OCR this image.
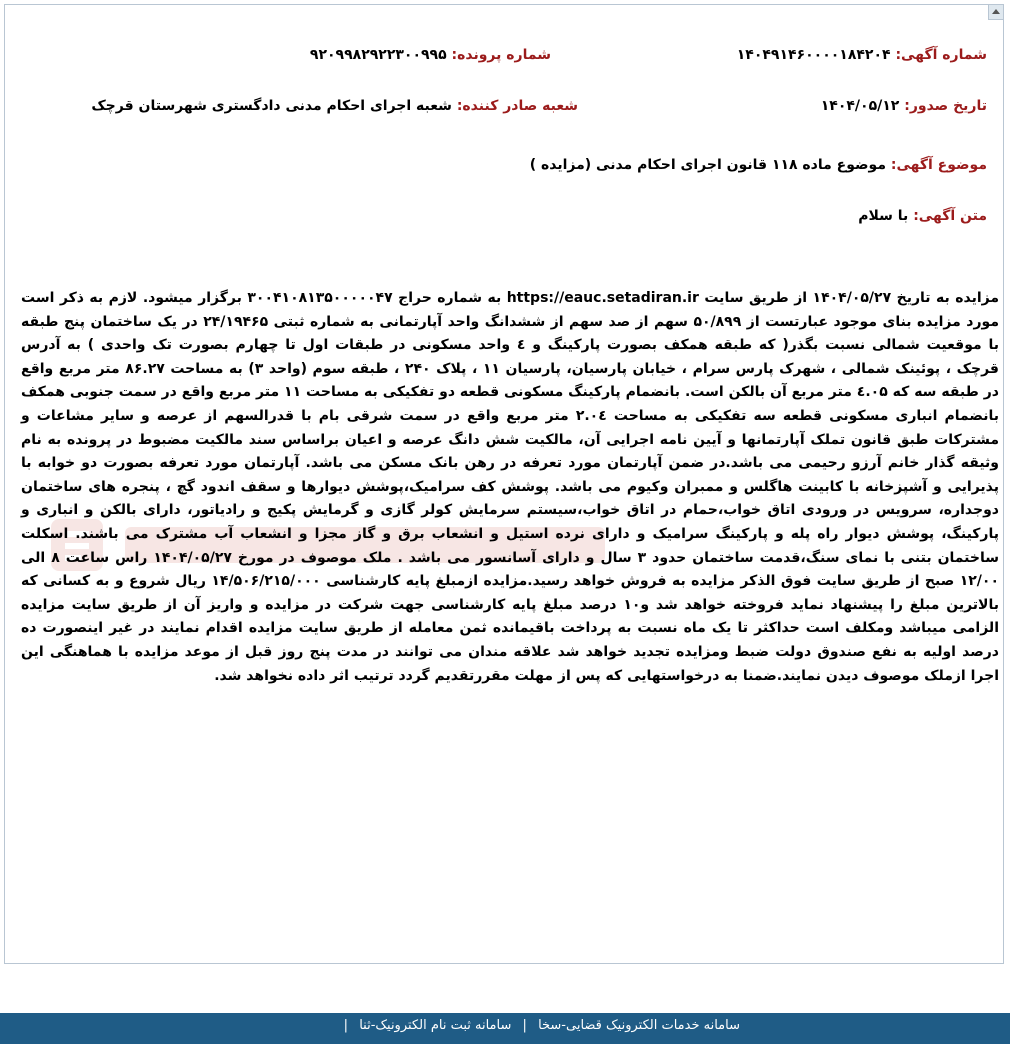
شماره آگهی: ۱۴۰۴۹۱۴۶۰۰۰۰۱۸۴۲۰۴
شماره پرونده: ۹۲۰۹۹۸۲۹۲۲۳۰۰۹۹۵
تاریخ صدور: ۱۴۰۴/۰۵/۱۲
شعبه صادر کننده: شعبه اجرای احکام مدنی دادگستری شهرستان قرچک
موضوع آگهی: موضوع ماده ۱۱۸ قانون اجرای احکام مدنی (مزایده )
متن آگهی: با سلام
مزایده به تاریخ ۱۴۰۴/۰۵/۲۷ از طریق سایت https://eauc.setadiran.ir به شماره حراج ۳۰۰۴۱۰۸۱۳۵۰۰۰۰۰۴۷ برگزار میشود. لازم به ذکر است مورد مزایده بنای موجود عبارتست از ۵۰/۸۹۹ سهم از صد سهم از ششدانگ واحد آپارتمانی به شماره ثبتی ۲۴/۱۹۴۶۵ در یک ساختمان پنج طبقه با موقعیت شمالی نسبت بگذر( که طبقه همکف بصورت پارکینگ و ٤ واحد مسکونی در طبقات اول تا چهارم بصورت تک واحدی ) به آدرس قرچک ، پوئینک شمالی ، شهرک پارس سرام ، خیابان پارسیان، پارسیان ۱۱ ، پلاک ۲۴۰ ، طبقه سوم (واحد ۳) به مساحت ۸۶.۲۷ متر مربع واقع در طبقه سه که ٤.۰۵ متر مربع آن بالکن است. بانضمام پارکینگ مسکونی قطعه دو تفکیکی به مساحت ۱۱ متر مربع واقع در سمت جنوبی همکف بانضمام انباری مسکونی قطعه سه تفکیکی به مساحت ۲.۰٤ متر مربع واقع در سمت شرقی بام با قدرالسهم از عرصه و سایر مشاعات و مشترکات طبق قانون تملک آپارتمانها و آیین نامه اجرایی آن، مالکیت شش دانگ عرصه و اعیان براساس سند مالکیت مضبوط در پرونده به نام وثیقه گذار خانم آرزو رحیمی می باشد.در ضمن آپارتمان مورد تعرفه در رهن بانک مسکن می باشد. آپارتمان مورد تعرفه بصورت دو خوابه با پذیرایی و آشپزخانه با کابینت هاگلس و ممبران وکیوم می باشد. پوشش کف سرامیک،پوشش دیوارها و سقف اندود گچ ، پنجره های ساختمان دوجداره، سرویس در ورودی اتاق خواب،حمام در اتاق خواب،سیستم سرمایش کولر گازی و گرمایش پکیج و رادیاتور، دارای بالکن و انباری و پارکینگ، پوشش دیوار راه پله و پارکینگ سرامیک و دارای نرده استیل و انشعاب برق و گاز مجزا و انشعاب آب مشترک می باشند. اسکلت ساختمان بتنی با نمای سنگ،قدمت ساختمان حدود ۳ سال و دارای آسانسور می باشد . ملک موصوف در مورخ ۱۴۰۴/۰۵/۲۷ راس ساعت ۸ الی ۱۲/۰۰ صبح از طریق سایت فوق الذکر مزایده به فروش خواهد رسید.مزایده ازمبلغ پایه کارشناسی ۱۴/۵۰۶/۲۱۵/۰۰۰ ریال شروع و به کسانی که بالاترین مبلغ را پیشنهاد نماید فروخته خواهد شد و۱۰ درصد مبلغ پایه کارشناسی جهت شرکت در مزایده و واریز آن از طریق سایت مزایده الزامی میباشد ومکلف است حداکثر تا یک ماه نسبت به پرداخت باقیمانده ثمن معامله از طریق سایت مزایده اقدام نمایند در غیر اینصورت ده درصد اولیه به نفع صندوق دولت ضبط ومزایده تجدید خواهد شد علاقه مندان می توانند در مدت پنج روز قبل از موعد مزایده با هماهنگی این اجرا ازملک موصوف دیدن نمایند.ضمنا به درخواستهایی که پس از مهلت مقررتقدیم گردد ترتیب اثر داده نخواهد شد.
سامانه خدمات الکترونیک قضایی-سخا | سامانه ثبت نام الکترونیک-ثنا |
